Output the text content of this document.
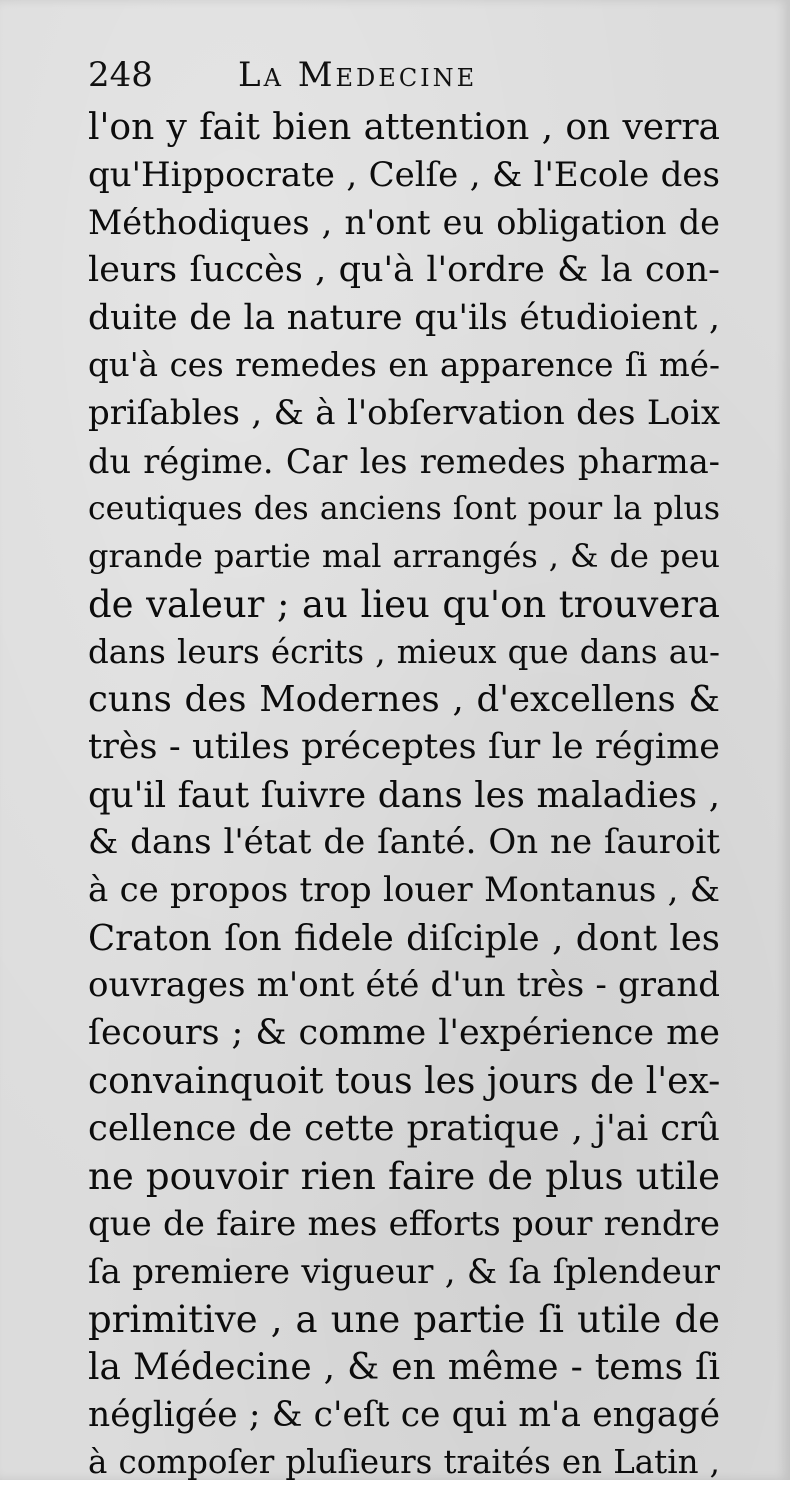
248	La Medecine
l'on y fait bien attention , on verra
qu'Hippocrate , Celſe , & l'Ecole des
Méthodiques , n'ont eu obligation de
leurs ſuccès , qu'à l'ordre & la con-
duite de la nature qu'ils étudioient ,
qu'à ces remedes en apparence ſi mé-
priſables , & à l'obſervation des Loix
du régime. Car les remedes pharma-
ceutiques des anciens ſont pour la plus
grande partie mal arrangés , & de peu
de valeur ; au lieu qu'on trouvera
dans leurs écrits , mieux que dans au-
cuns des Modernes , d'excellens &
très - utiles préceptes ſur le régime
qu'il faut ſuivre dans les maladies ,
& dans l'état de ſanté. On ne ſauroit
à ce propos trop louer Montanus , &
Craton ſon fidele diſciple , dont les
ouvrages m'ont été d'un très - grand
ſecours ; & comme l'expérience me
convainquoit tous les jours de l'ex-
cellence de cette pratique , j'ai crû
ne pouvoir rien faire de plus utile
que de faire mes efforts pour rendre
ſa premiere vigueur , & ſa ſplendeur
primitive , a une partie ſi utile de
la Médecine , & en même - tems ſi
négligée ; & c'eſt ce qui m'a engagé
à compoſer pluſieurs traités en Latin ,
